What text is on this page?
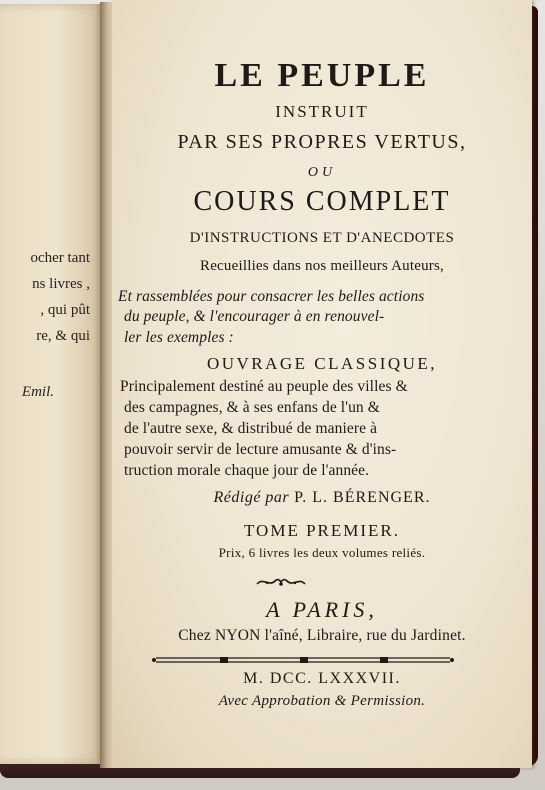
ocher tant
ns livres ,
, qui pût
re, & qui
Emil.
LE PEUPLE
INSTRUIT
PAR SES PROPRES VERTUS,
OU
COURS COMPLET
D'INSTRUCTIONS ET D'ANECDOTES
Recueillies dans nos meilleurs Auteurs,
Et rassemblées pour consacrer les belles actions
du peuple, & l'encourager à en renouvel-
ler les exemples :
OUVRAGE CLASSIQUE,
Principalement destiné au peuple des villes &
des campagnes, & à ses enfans de l'un &
de l'autre sexe, & distribué de maniere à
pouvoir servir de lecture amusante & d'ins-
truction morale chaque jour de l'année.
Rédigé par P. L. BÉRENGER.
TOME PREMIER.
Prix, 6 livres les deux volumes reliés.
A PARIS,
Chez NYON l'aîné, Libraire, rue du Jardinet.
M. DCC. LXXXVII.
Avec Approbation & Permission.
